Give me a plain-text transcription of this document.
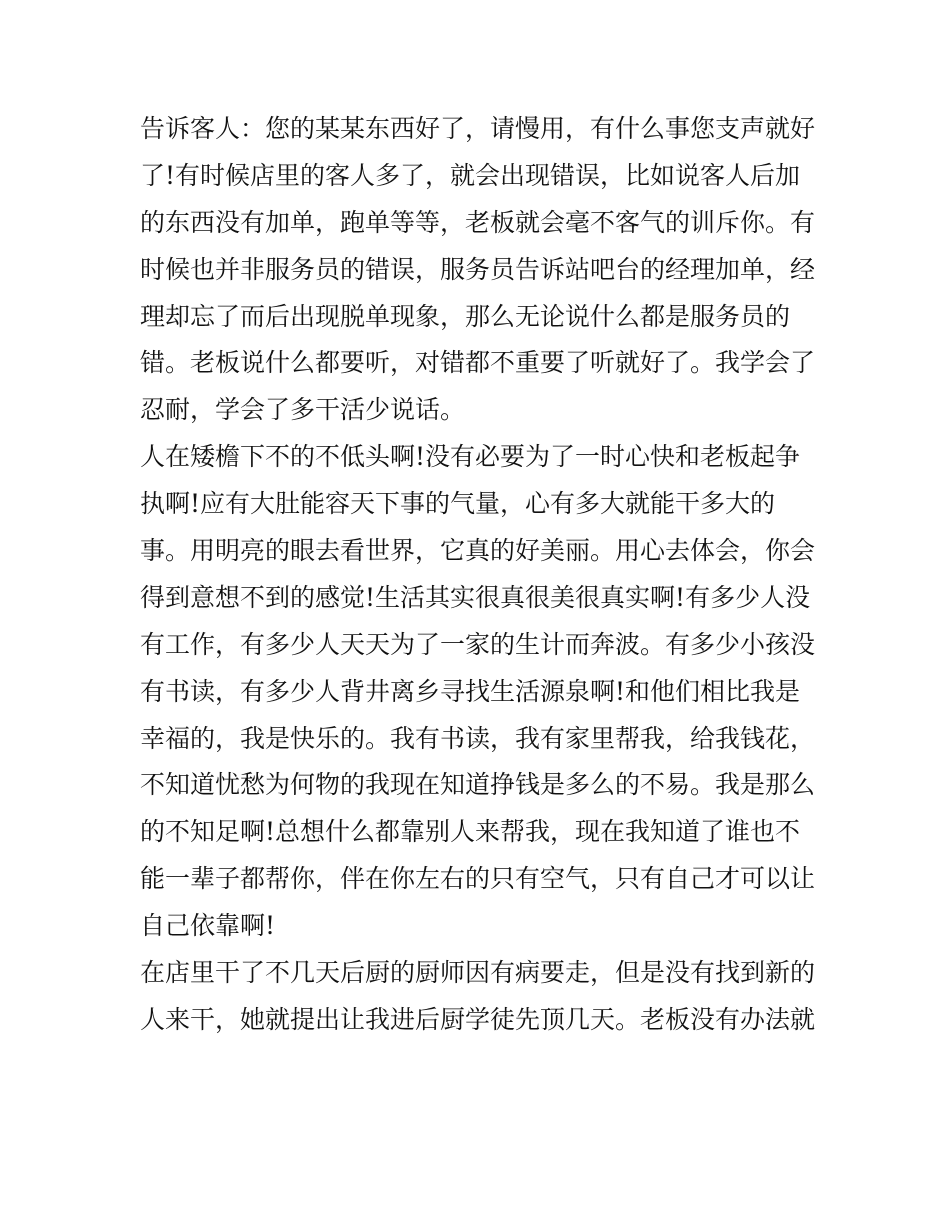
告诉客人：您的某某东西好了，请慢用，有什么事您支声就好
了!有时候店里的客人多了，就会出现错误，比如说客人后加
的东西没有加单，跑单等等，老板就会毫不客气的训斥你。有
时候也并非服务员的错误，服务员告诉站吧台的经理加单，经
理却忘了而后出现脱单现象，那么无论说什么都是服务员的
错。老板说什么都要听，对错都不重要了听就好了。我学会了
忍耐，学会了多干活少说话。
人在矮檐下不的不低头啊!没有必要为了一时心快和老板起争
执啊!应有大肚能容天下事的气量，心有多大就能干多大的
事。用明亮的眼去看世界，它真的好美丽。用心去体会，你会
得到意想不到的感觉!生活其实很真很美很真实啊!有多少人没
有工作，有多少人天天为了一家的生计而奔波。有多少小孩没
有书读，有多少人背井离乡寻找生活源泉啊!和他们相比我是
幸福的，我是快乐的。我有书读，我有家里帮我，给我钱花，
不知道忧愁为何物的我现在知道挣钱是多么的不易。我是那么
的不知足啊!总想什么都靠别人来帮我，现在我知道了谁也不
能一辈子都帮你，伴在你左右的只有空气，只有自己才可以让
自己依靠啊!
在店里干了不几天后厨的厨师因有病要走，但是没有找到新的
人来干，她就提出让我进后厨学徒先顶几天。老板没有办法就
